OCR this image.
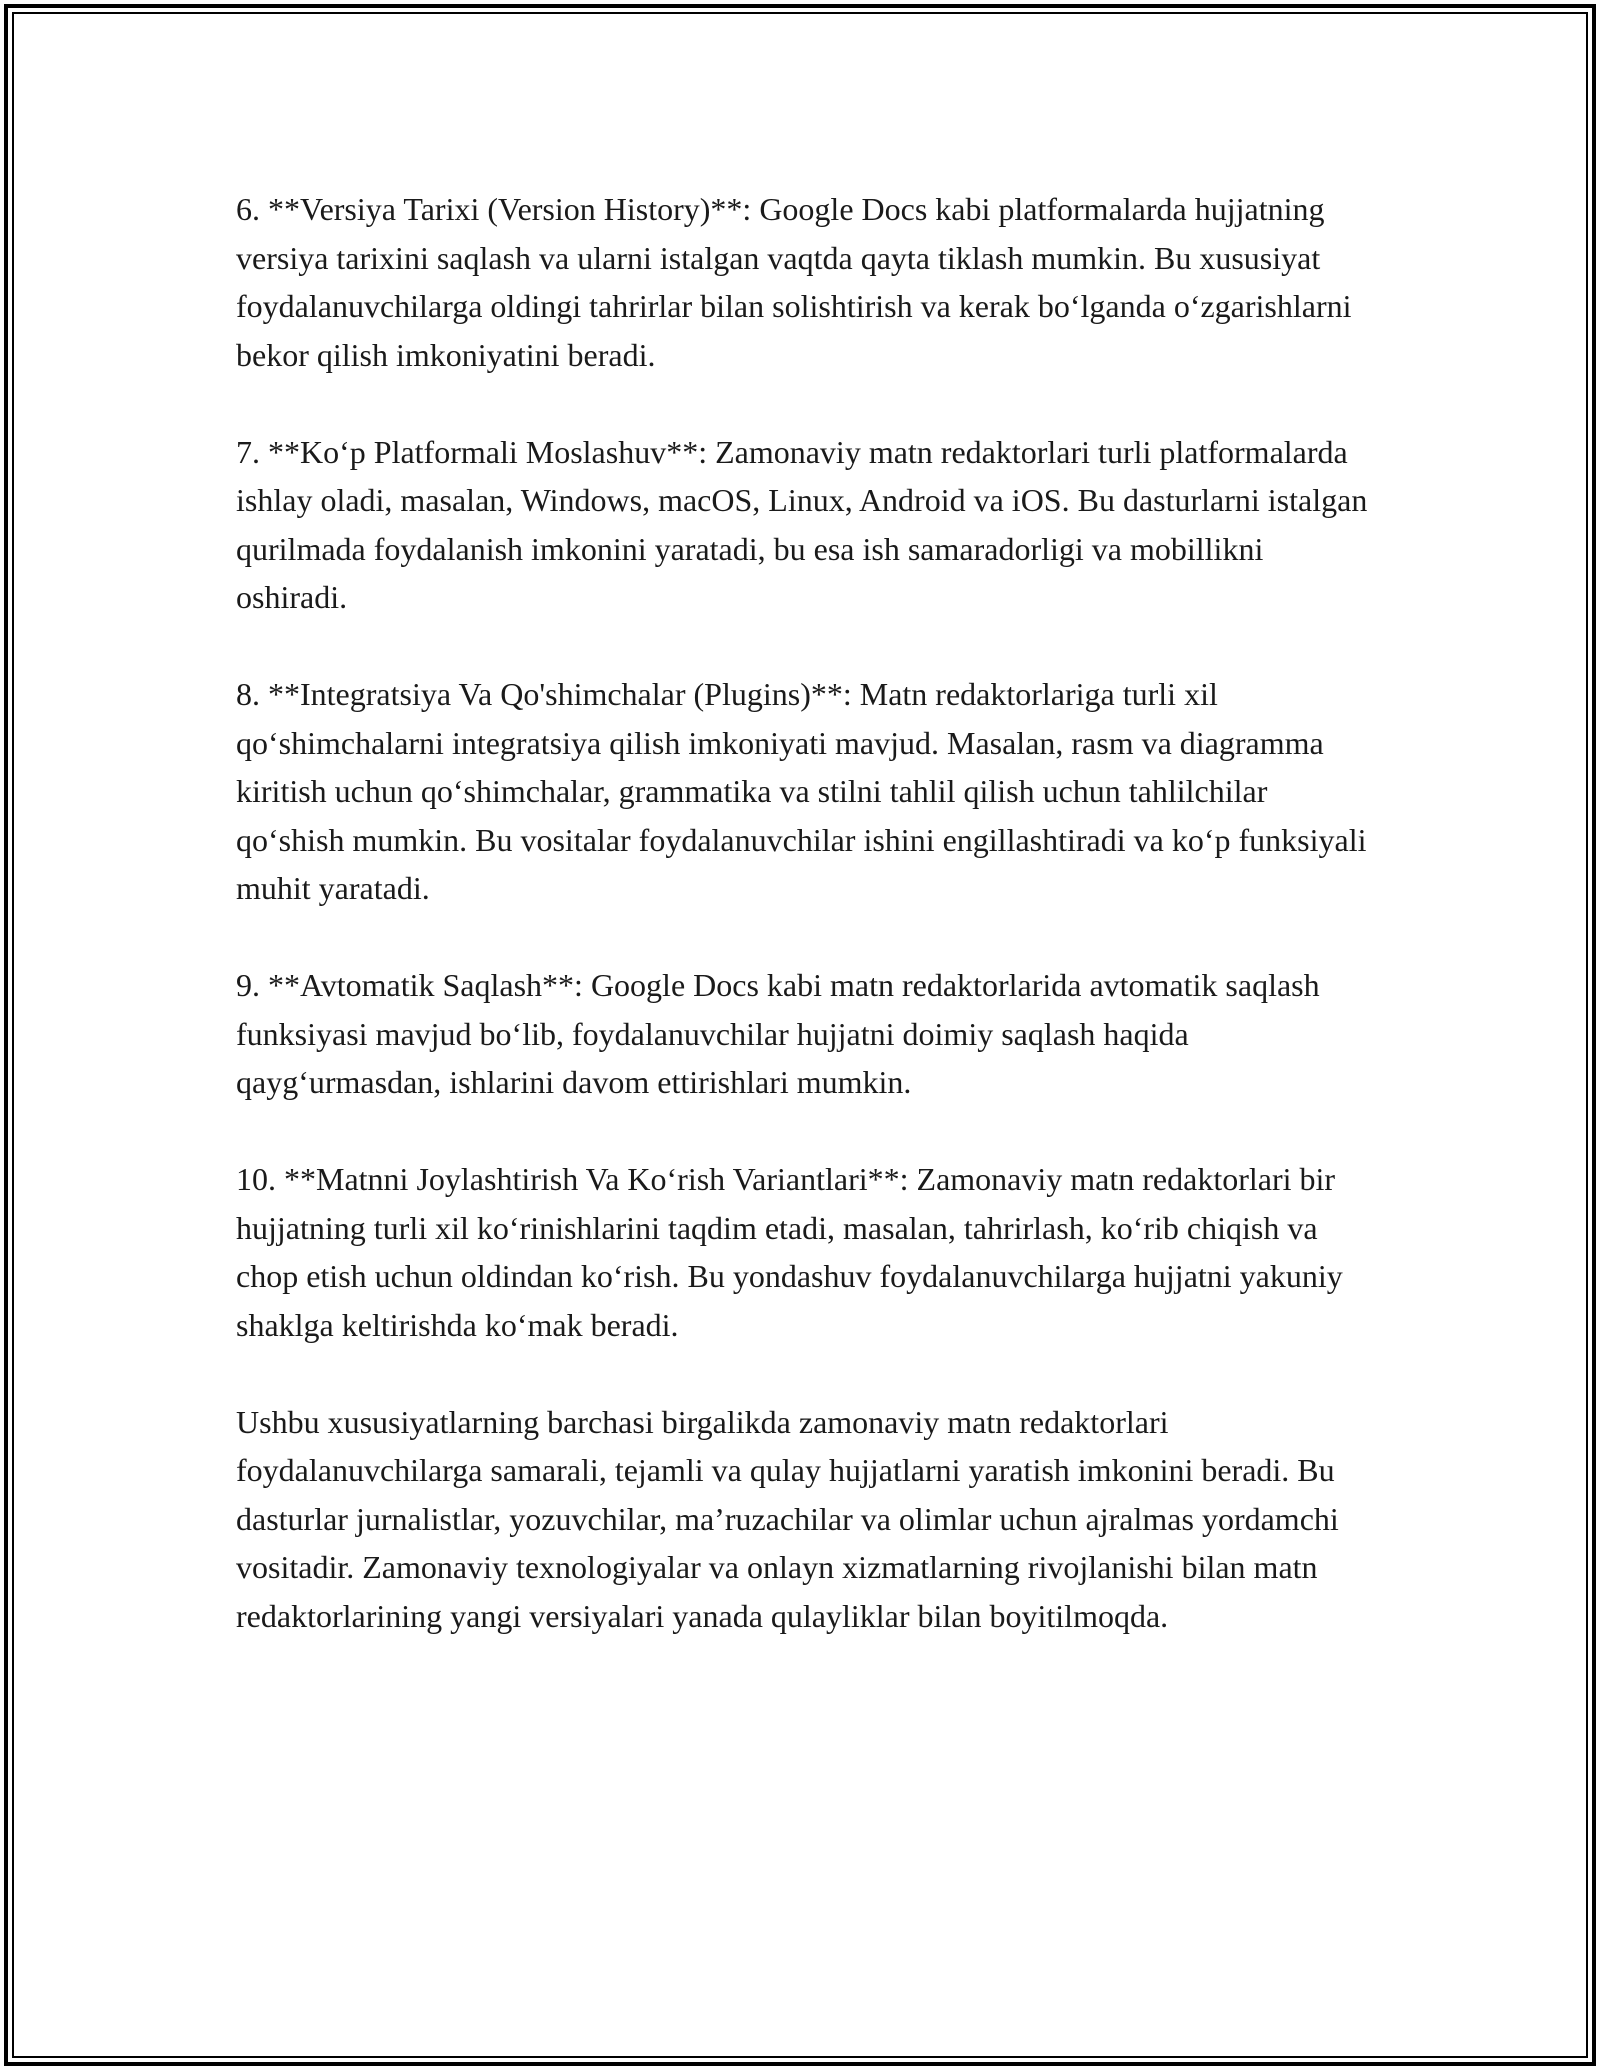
6. **Versiya Tarixi (Version History)**: Google Docs kabi platformalarda hujjatning versiya tarixini saqlash va ularni istalgan vaqtda qayta tiklash mumkin. Bu xususiyat foydalanuvchilarga oldingi tahrirlar bilan solishtirish va kerak bo‘lganda o‘zgarishlarni bekor qilish imkoniyatini beradi.

7. **Ko‘p Platformali Moslashuv**: Zamonaviy matn redaktorlari turli platformalarda ishlay oladi, masalan, Windows, macOS, Linux, Android va iOS. Bu dasturlarni istalgan qurilmada foydalanish imkonini yaratadi, bu esa ish samaradorligi va mobillikni oshiradi.

8. **Integratsiya Va Qo'shimchalar (Plugins)**: Matn redaktorlariga turli xil qo‘shimchalarni integratsiya qilish imkoniyati mavjud. Masalan, rasm va diagramma kiritish uchun qo‘shimchalar, grammatika va stilni tahlil qilish uchun tahlilchilar qo‘shish mumkin. Bu vositalar foydalanuvchilar ishini engillashtiradi va ko‘p funksiyali muhit yaratadi.

9. **Avtomatik Saqlash**: Google Docs kabi matn redaktorlarida avtomatik saqlash funksiyasi mavjud bo‘lib, foydalanuvchilar hujjatni doimiy saqlash haqida qayg‘urmasdan, ishlarini davom ettirishlari mumkin.

10. **Matnni Joylashtirish Va Ko‘rish Variantlari**: Zamonaviy matn redaktorlari bir hujjatning turli xil ko‘rinishlarini taqdim etadi, masalan, tahrirlash, ko‘rib chiqish va chop etish uchun oldindan ko‘rish. Bu yondashuv foydalanuvchilarga hujjatni yakuniy shaklga keltirishda ko‘mak beradi.

Ushbu xususiyatlarning barchasi birgalikda zamonaviy matn redaktorlari foydalanuvchilarga samarali, tejamli va qulay hujjatlarni yaratish imkonini beradi. Bu dasturlar jurnalistlar, yozuvchilar, ma’ruzachilar va olimlar uchun ajralmas yordamchi vositadir. Zamonaviy texnologiyalar va onlayn xizmatlarning rivojlanishi bilan matn redaktorlarining yangi versiyalari yanada qulayliklar bilan boyitilmoqda.
